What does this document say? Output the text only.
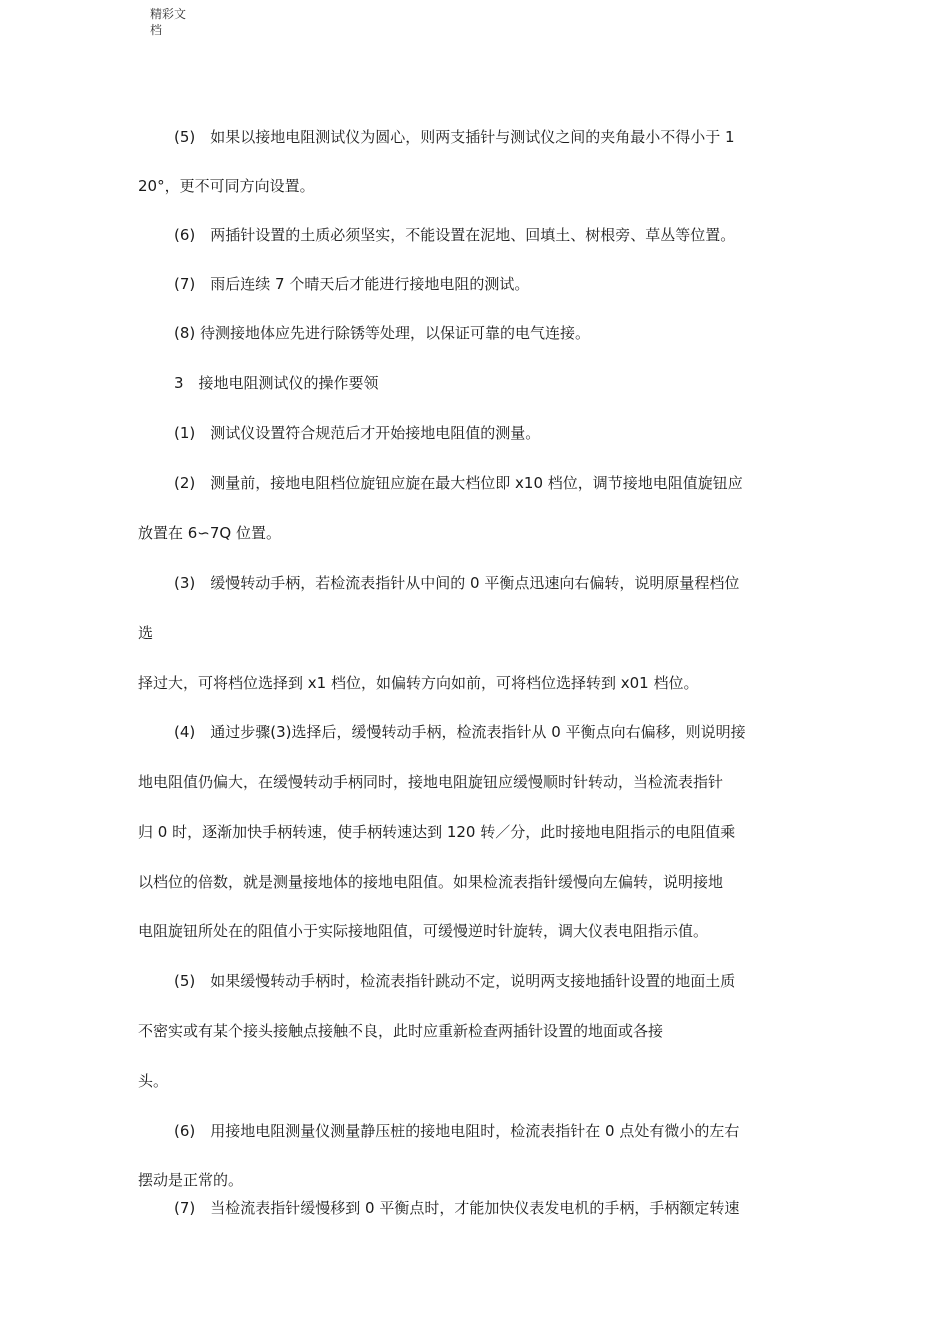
精彩文
档
(5)　如果以接地电阻测试仪为圆心，则两支插针与测试仪之间的夹角最小不得小于 1
20°，更不可同方向设置。
(6)　两插针设置的土质必须坚实，不能设置在泥地、回填土、树根旁、草丛等位置。
(7)　雨后连续 7 个晴天后才能进行接地电阻的测试。
(8) 待测接地体应先进行除锈等处理，以保证可靠的电气连接。
3　接地电阻测试仪的操作要领
(1)　测试仪设置符合规范后才开始接地电阻值的测量。
(2)　测量前，接地电阻档位旋钮应旋在最大档位即 x10 档位，调节接地电阻值旋钮应
放置在 6∽7Q 位置。
(3)　缓慢转动手柄，若检流表指针从中间的 0 平衡点迅速向右偏转，说明原量程档位
选
择过大，可将档位选择到 x1 档位，如偏转方向如前，可将档位选择转到 x01 档位。
(4)　通过步骤(3)选择后，缓慢转动手柄，检流表指针从 0 平衡点向右偏移，则说明接
地电阻值仍偏大，在缓慢转动手柄同时，接地电阻旋钮应缓慢顺时针转动，当检流表指针
归 0 时，逐渐加快手柄转速，使手柄转速达到 120 转／分，此时接地电阻指示的电阻值乘
以档位的倍数，就是测量接地体的接地电阻值。如果检流表指针缓慢向左偏转，说明接地
电阻旋钮所处在的阻值小于实际接地阻值，可缓慢逆时针旋转，调大仪表电阻指示值。
(5)　如果缓慢转动手柄时，检流表指针跳动不定，说明两支接地插针设置的地面土质
不密实或有某个接头接触点接触不良，此时应重新检查两插针设置的地面或各接
头。
(6)　用接地电阻测量仪测量静压桩的接地电阻时，检流表指针在 0 点处有微小的左右
摆动是正常的。
(7)　当检流表指针缓慢移到 0 平衡点时，才能加快仪表发电机的手柄，手柄额定转速
